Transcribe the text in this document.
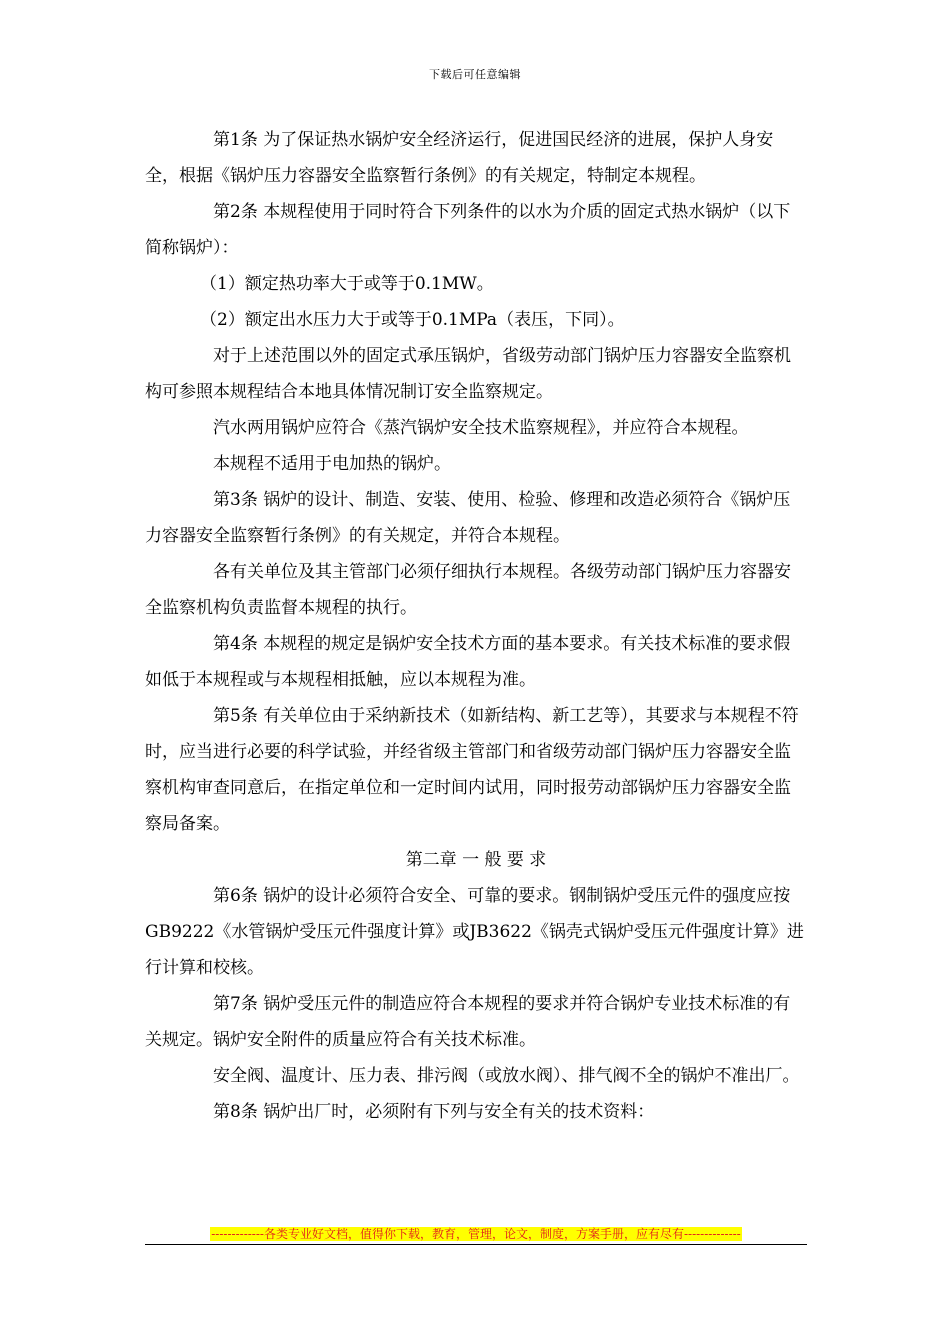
下载后可任意编辑

第1条 为了保证热水锅炉安全经济运行，促进国民经济的进展，保护人身安全，根据《锅炉压力容器安全监察暂行条例》的有关规定，特制定本规程。

第2条 本规程使用于同时符合下列条件的以水为介质的固定式热水锅炉（以下简称锅炉）：

（1）额定热功率大于或等于0.1MW。

（2）额定出水压力大于或等于0.1MPa（表压，下同）。

对于上述范围以外的固定式承压锅炉，省级劳动部门锅炉压力容器安全监察机构可参照本规程结合本地具体情况制订安全监察规定。

汽水两用锅炉应符合《蒸汽锅炉安全技术监察规程》，并应符合本规程。

本规程不适用于电加热的锅炉。

第3条 锅炉的设计、制造、安装、使用、检验、修理和改造必须符合《锅炉压力容器安全监察暂行条例》的有关规定，并符合本规程。

各有关单位及其主管部门必须仔细执行本规程。各级劳动部门锅炉压力容器安全监察机构负责监督本规程的执行。

第4条 本规程的规定是锅炉安全技术方面的基本要求。有关技术标准的要求假如低于本规程或与本规程相抵触，应以本规程为准。

第5条 有关单位由于采纳新技术（如新结构、新工艺等），其要求与本规程不符时，应当进行必要的科学试验，并经省级主管部门和省级劳动部门锅炉压力容器安全监察机构审查同意后，在指定单位和一定时间内试用，同时报劳动部锅炉压力容器安全监察局备案。

第二章 一 般 要 求

第6条 锅炉的设计必须符合安全、可靠的要求。钢制锅炉受压元件的强度应按GB9222《水管锅炉受压元件强度计算》或JB3622《锅壳式锅炉受压元件强度计算》进行计算和校核。

第7条 锅炉受压元件的制造应符合本规程的要求并符合锅炉专业技术标准的有关规定。锅炉安全附件的质量应符合有关技术标准。

安全阀、温度计、压力表、排污阀（或放水阀）、排气阀不全的锅炉不准出厂。

第8条 锅炉出厂时，必须附有下列与安全有关的技术资料：

-------------各类专业好文档，值得你下载，教育，管理，论文，制度，方案手册，应有尽有--------------
